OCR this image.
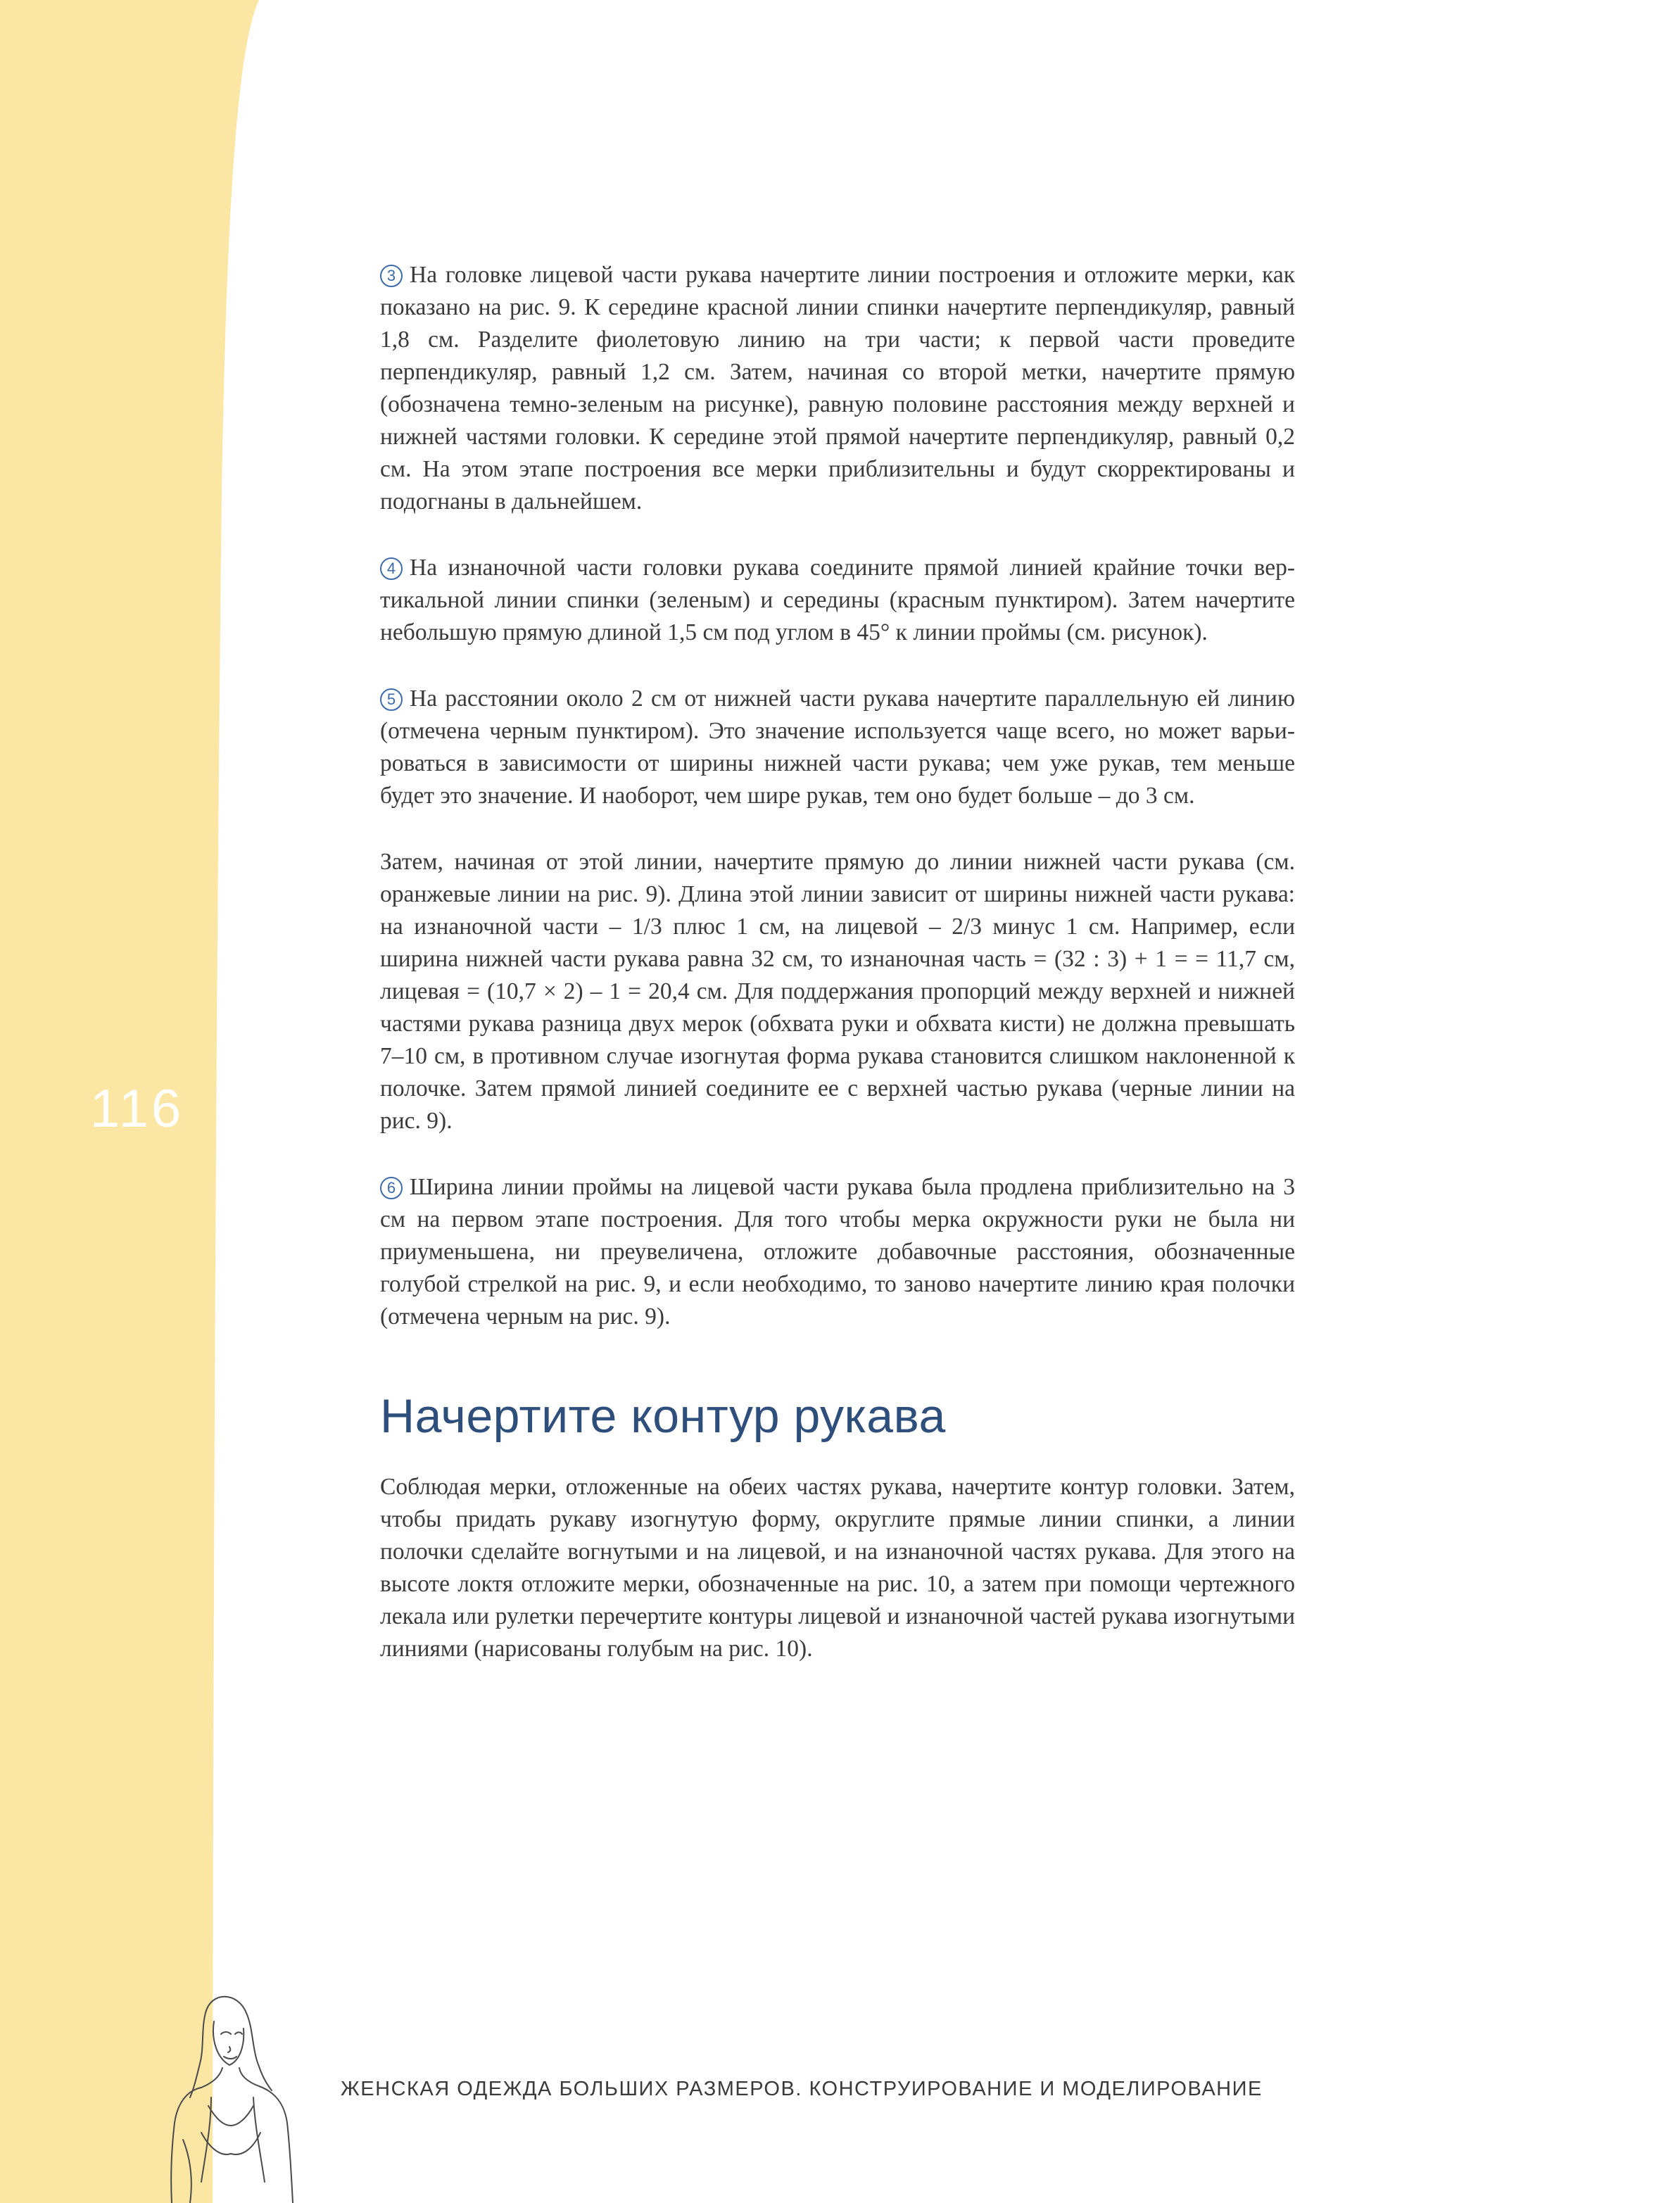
116

3 На головке лицевой части рукава начертите линии построения и отложите мерки, как показано на рис. 9. К середине красной линии спинки начертите перпендикуляр, равный 1,8 см. Разделите фиолетовую линию на три части; к первой части проведите перпендикуляр, равный 1,2 см. Затем, начиная со второй метки, начертите прямую (обозначена темно-зеленым на рисунке), равную половине расстояния между верхней и нижней частями головки. К середине этой прямой начертите перпендикуляр, равный 0,2 см. На этом этапе построения все мерки приблизительны и будут скорректированы и подогнаны в дальнейшем.

4 На изнаночной части головки рукава соедините прямой линией крайние точки вертикальной линии спинки (зеленым) и середины (красным пунктиром). Затем начертите небольшую прямую длиной 1,5 см под углом в 45° к линии проймы (см. рисунок).

5 На расстоянии около 2 см от нижней части рукава начертите параллельную ей линию (отмечена черным пунктиром). Это значение используется чаще всего, но может варьироваться в зависимости от ширины нижней части рукава; чем уже рукав, тем меньше будет это значение. И наоборот, чем шире рукав, тем оно будет больше – до 3 см.

Затем, начиная от этой линии, начертите прямую до линии нижней части рукава (см. оранжевые линии на рис. 9). Длина этой линии зависит от ширины нижней части рукава: на изнаночной части – 1/3 плюс 1 см, на лицевой – 2/3 минус 1 см. Например, если ширина нижней части рукава равна 32 см, то изнаночная часть = (32 : 3) + 1 = = 11,7 см, лицевая = (10,7 × 2) – 1 = 20,4 см. Для поддержания пропорций между верхней и нижней частями рукава разница двух мерок (обхвата руки и обхвата кисти) не должна превышать 7–10 см, в противном случае изогнутая форма рукава становится слишком наклоненной к полочке. Затем прямой линией соедините ее с верхней частью рукава (черные линии на рис. 9).

6 Ширина линии проймы на лицевой части рукава была продлена приблизительно на 3 см на первом этапе построения. Для того чтобы мерка окружности руки не была ни приуменьшена, ни преувеличена, отложите добавочные расстояния, обозначенные голубой стрелкой на рис. 9, и если необходимо, то заново начертите линию края полочки (отмечена черным на рис. 9).

Начертите контур рукава

Соблюдая мерки, отложенные на обеих частях рукава, начертите контур головки. Затем, чтобы придать рукаву изогнутую форму, округлите прямые линии спинки, а линии полочки сделайте вогнутыми и на лицевой, и на изнаночной частях рукава. Для этого на высоте локтя отложите мерки, обозначенные на рис. 10, а затем при помощи чертежного лекала или рулетки перечертите контуры лицевой и изнаночной частей рукава изогнутыми линиями (нарисованы голубым на рис. 10).

ЖЕНСКАЯ ОДЕЖДА БОЛЬШИХ РАЗМЕРОВ. КОНСТРУИРОВАНИЕ И МОДЕЛИРОВАНИЕ
